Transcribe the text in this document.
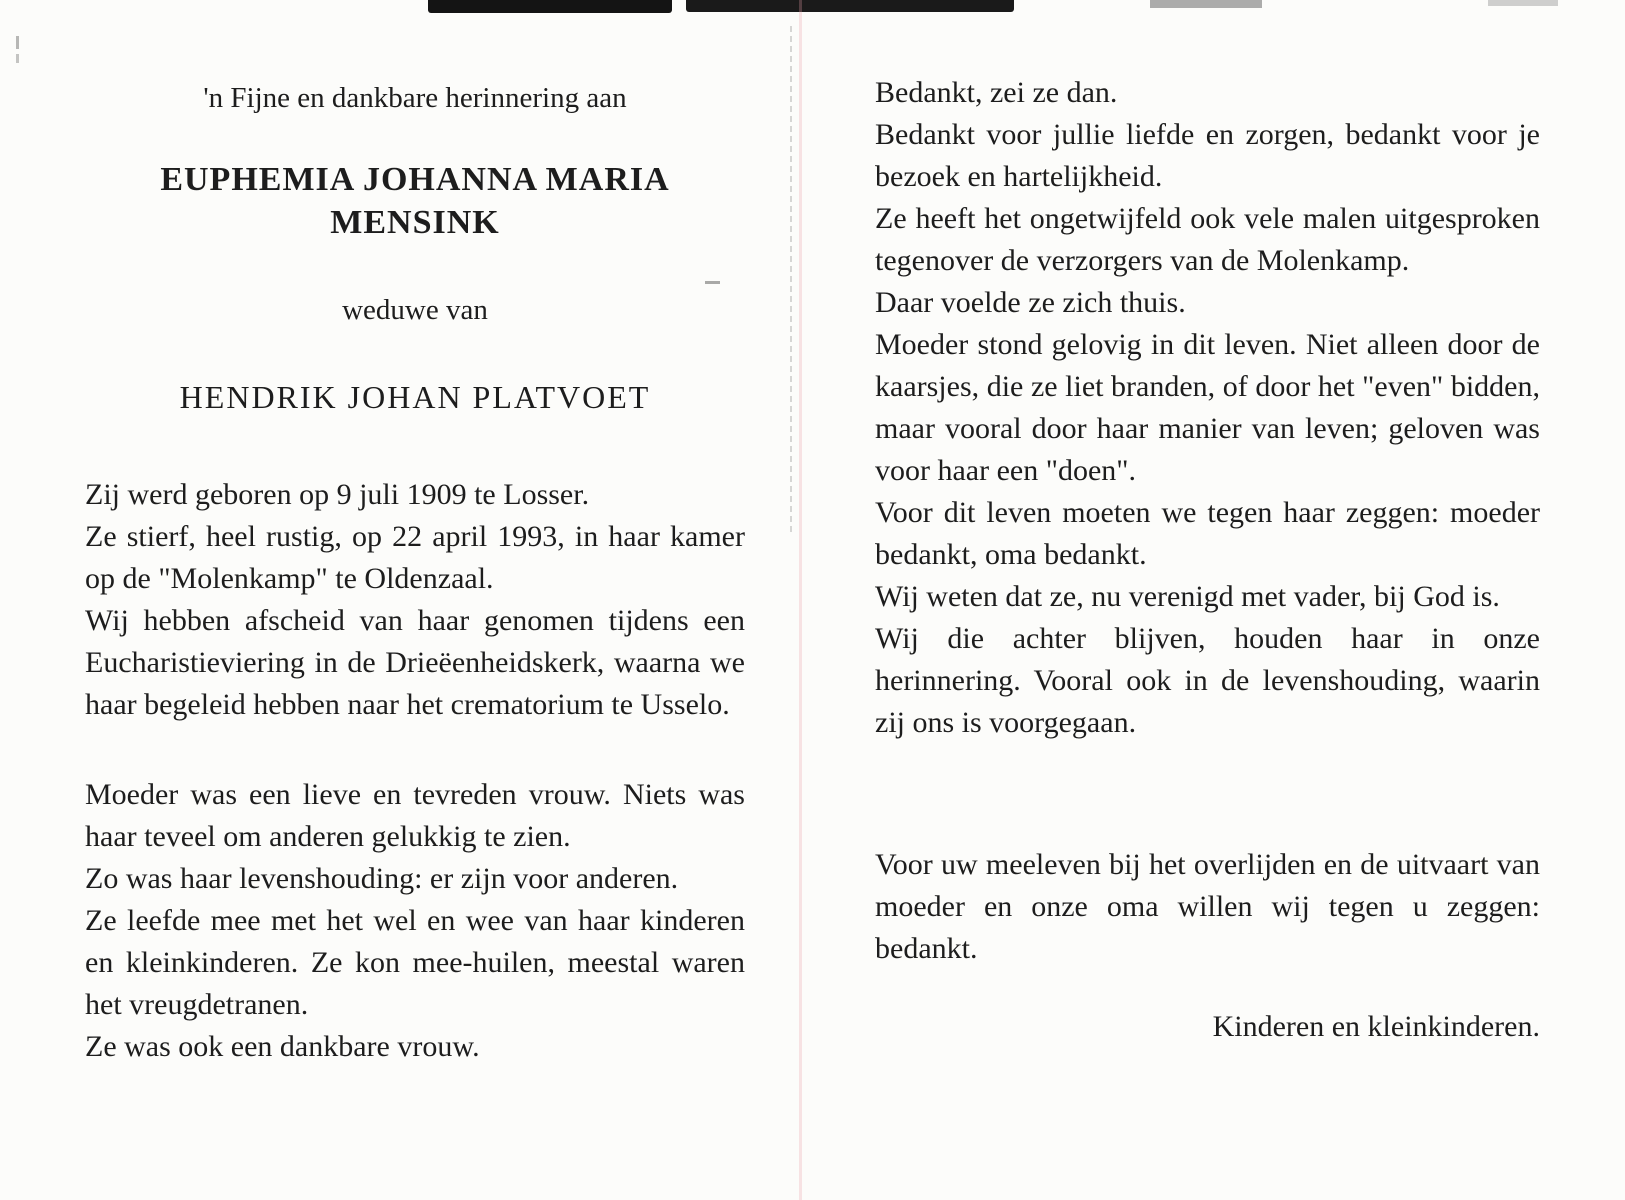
'n Fijne en dankbare herinnering aan
EUPHEMIA JOHANNA MARIA
MENSINK
weduwe van
HENDRIK JOHAN PLATVOET
Zij werd geboren op 9 juli 1909 te Losser.
Ze stierf, heel rustig, op 22 april 1993, in haar kamer op de "Molenkamp" te Oldenzaal.
Wij hebben afscheid van haar genomen tijdens een Eucharistieviering in de Drieëenheidskerk, waarna we haar begeleid hebben naar het crematorium te Usselo.
Moeder was een lieve en tevreden vrouw. Niets was haar teveel om anderen gelukkig te zien.
Zo was haar levenshouding: er zijn voor anderen.
Ze leefde mee met het wel en wee van haar kinderen en kleinkinderen. Ze kon mee-huilen, meestal waren het vreugdetranen.
Ze was ook een dankbare vrouw.
Bedankt, zei ze dan.
Bedankt voor jullie liefde en zorgen, bedankt voor je bezoek en hartelijkheid.
Ze heeft het ongetwijfeld ook vele malen uitgesproken tegenover de verzorgers van de Molenkamp.
Daar voelde ze zich thuis.
Moeder stond gelovig in dit leven. Niet alleen door de kaarsjes, die ze liet branden, of door het "even" bidden, maar vooral door haar manier van leven; geloven was voor haar een "doen".
Voor dit leven moeten we tegen haar zeggen: moeder bedankt, oma bedankt.
Wij weten dat ze, nu verenigd met vader, bij God is.
Wij die achter blijven, houden haar in onze herinnering. Vooral ook in de levenshouding, waarin zij ons is voorgegaan.
Voor uw meeleven bij het overlijden en de uitvaart van moeder en onze oma willen wij tegen u zeggen: bedankt.
Kinderen en kleinkinderen.
